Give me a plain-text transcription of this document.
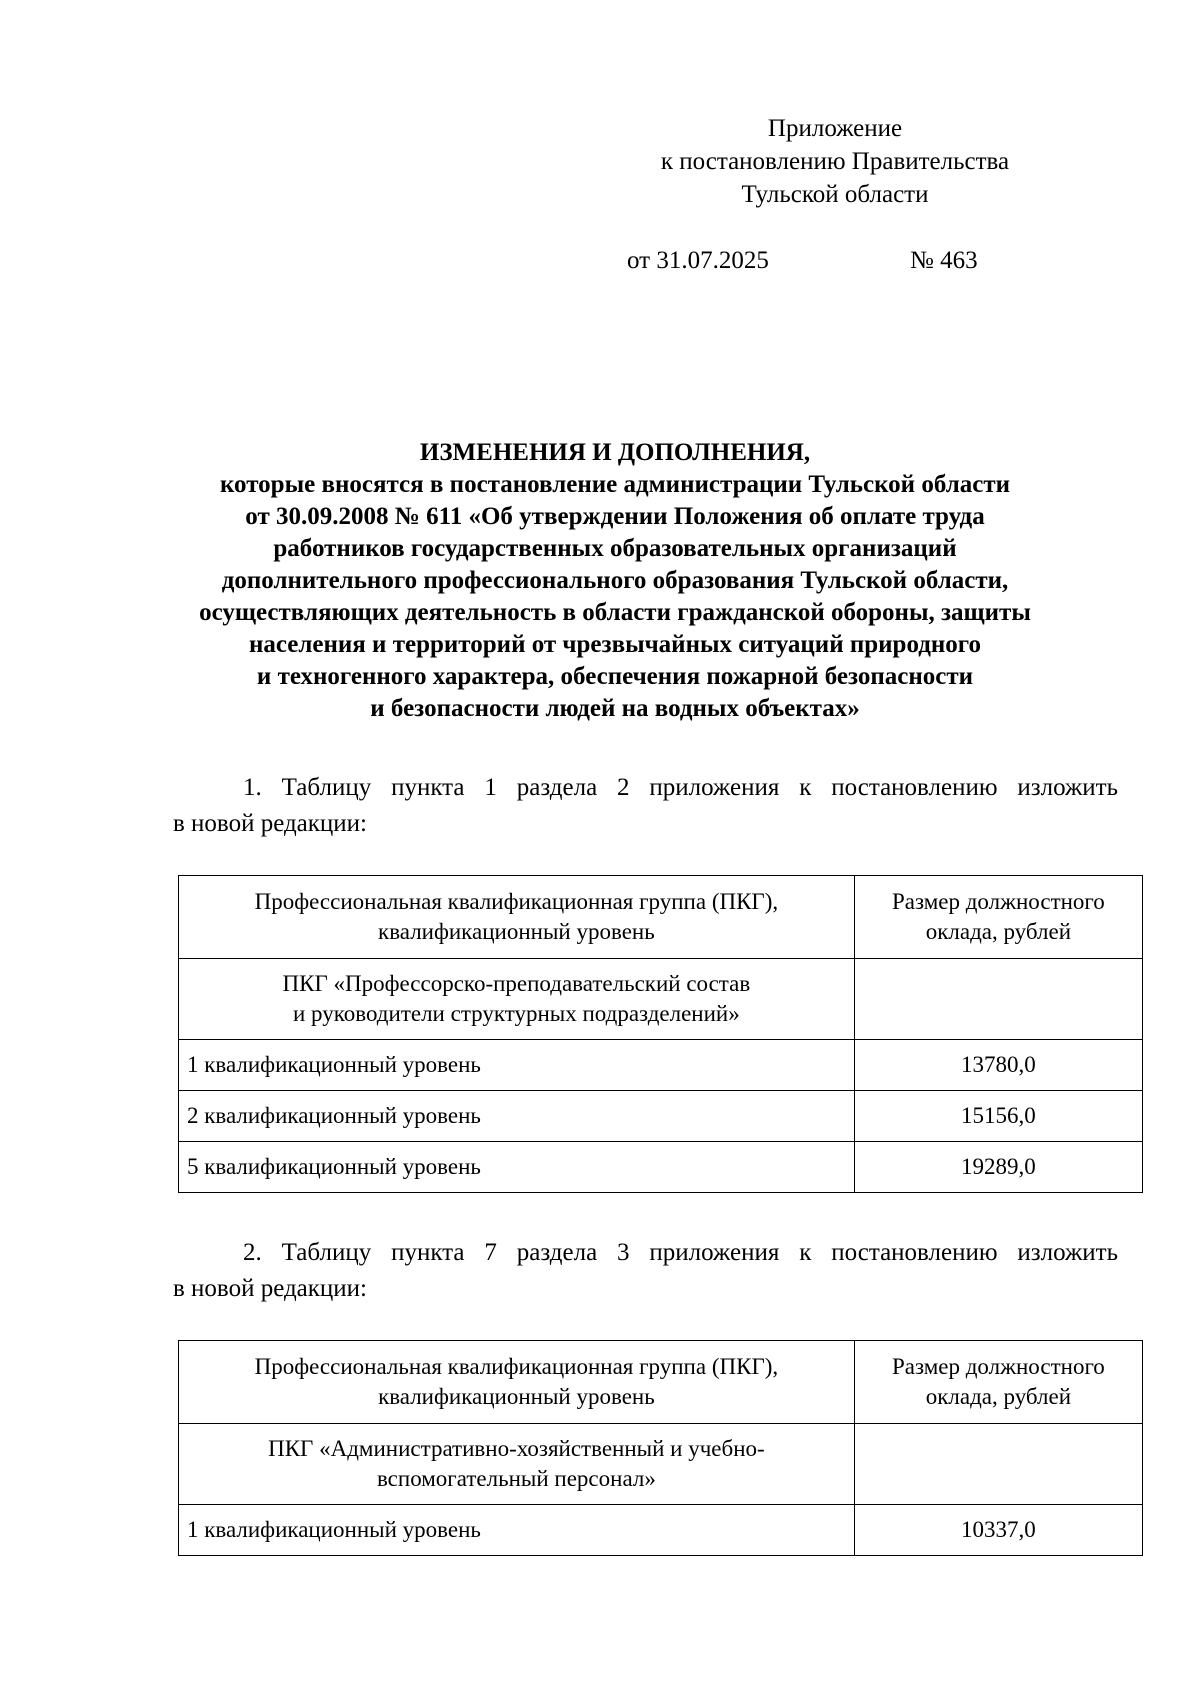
Приложение
к постановлению Правительства
Тульской области
от 31.07.2025	№ 463
ИЗМЕНЕНИЯ И ДОПОЛНЕНИЯ,
которые вносятся в постановление администрации Тульской области
от 30.09.2008 № 611 «Об утверждении Положения об оплате труда
работников государственных образовательных организаций
дополнительного профессионального образования Тульской области,
осуществляющих деятельность в области гражданской обороны, защиты
населения и территорий от чрезвычайных ситуаций природного
и техногенного характера, обеспечения пожарной безопасности
и безопасности людей на водных объектах»
1. Таблицу пункта 1 раздела 2 приложения к постановлению изложить
в новой редакции:
Профессиональная квалификационная группа (ПКГ),
квалификационный уровень	Размер должностного
оклада, рублей

ПКГ «Профессорско-преподавательский состав
и руководители структурных подразделений»	

1 квалификационный уровень	13780,0
2 квалификационный уровень	15156,0
5 квалификационный уровень	19289,0
2. Таблицу пункта 7 раздела 3 приложения к постановлению изложить
в новой редакции:
Профессиональная квалификационная группа (ПКГ),
квалификационный уровень	Размер должностного
оклада, рублей

ПКГ «Административно-хозяйственный и учебно-
вспомогательный персонал»	

1 квалификационный уровень	10337,0
